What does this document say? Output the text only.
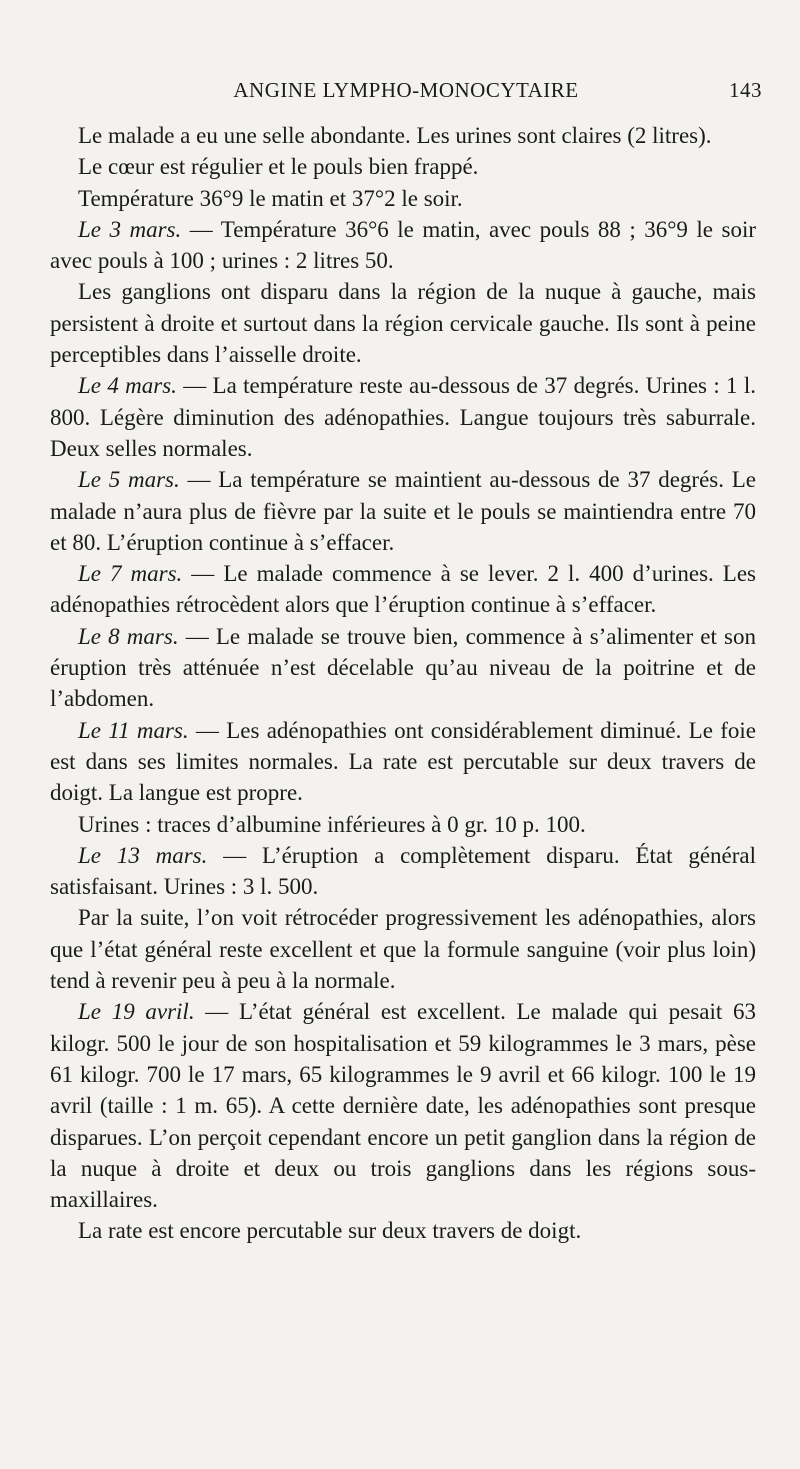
ANGINE LYMPHO-MONOCYTAIRE	143

Le malade a eu une selle abondante. Les urines sont claires (2 litres).

Le cœur est régulier et le pouls bien frappé.

Température 36°9 le matin et 37°2 le soir.

Le 3 mars. — Température 36°6 le matin, avec pouls 88 ; 36°9 le soir avec pouls à 100 ; urines : 2 litres 50.

Les ganglions ont disparu dans la région de la nuque à gauche, mais persistent à droite et surtout dans la région cervicale gauche. Ils sont à peine perceptibles dans l’aisselle droite.

Le 4 mars. — La température reste au-dessous de 37 degrés. Urines : 1 l. 800. Légère diminution des adénopathies. Langue toujours très saburrale. Deux selles normales.

Le 5 mars. — La température se maintient au-dessous de 37 degrés. Le malade n’aura plus de fièvre par la suite et le pouls se maintiendra entre 70 et 80. L’éruption continue à s’effacer.

Le 7 mars. — Le malade commence à se lever. 2 l. 400 d’urines. Les adénopathies rétrocèdent alors que l’éruption continue à s’effacer.

Le 8 mars. — Le malade se trouve bien, commence à s’alimenter et son éruption très atténuée n’est décelable qu’au niveau de la poitrine et de l’abdomen.

Le 11 mars. — Les adénopathies ont considérablement diminué. Le foie est dans ses limites normales. La rate est percutable sur deux travers de doigt. La langue est propre.

Urines : traces d’albumine inférieures à 0 gr. 10 p. 100.

Le 13 mars. — L’éruption a complètement disparu. État général satisfaisant. Urines : 3 l. 500.

Par la suite, l’on voit rétrocéder progressivement les adénopathies, alors que l’état général reste excellent et que la formule sanguine (voir plus loin) tend à revenir peu à peu à la normale.

Le 19 avril. — L’état général est excellent. Le malade qui pesait 63 kilogr. 500 le jour de son hospitalisation et 59 kilogrammes le 3 mars, pèse 61 kilogr. 700 le 17 mars, 65 kilogrammes le 9 avril et 66 kilogr. 100 le 19 avril (taille : 1 m. 65). A cette dernière date, les adénopathies sont presque disparues. L’on perçoit cependant encore un petit ganglion dans la région de la nuque à droite et deux ou trois ganglions dans les régions sous-maxillaires.

La rate est encore percutable sur deux travers de doigt.
